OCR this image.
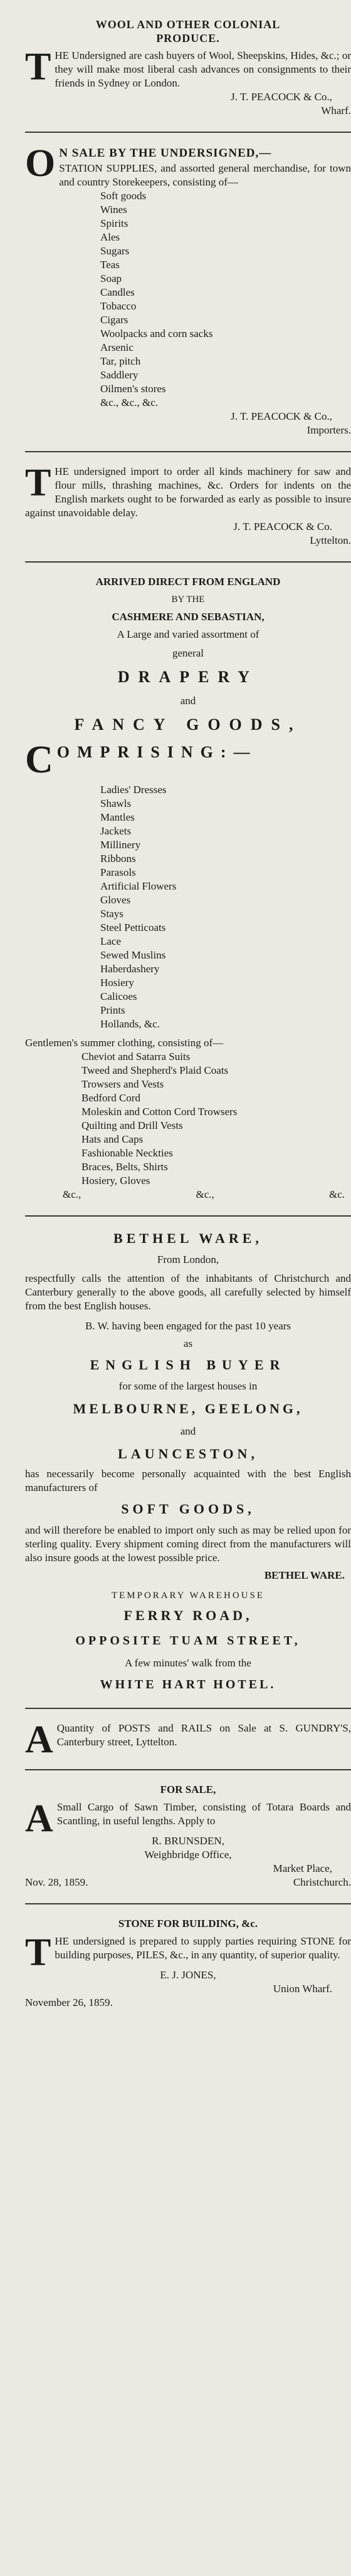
WOOL AND OTHER COLONIAL
PRODUCE.
T HE Undersigned are cash buyers of Wool, Sheepskins, Hides, &c.; or they will make most liberal cash advances on consignments to their friends in Sydney or London.

J. T. PEACOCK & Co.,
Wharf.
O N SALE BY THE UNDERSIGNED,—

STATION SUPPLIES, and assorted general merchandise, for town and country Storekeepers, consisting of—

Soft goods
Wines
Spirits
Ales
Sugars
Teas
Soap
Candles
Tobacco
Cigars
Woolpacks and corn sacks
Arsenic
Tar, pitch
Saddlery
Oilmen's stores
&c., &c., &c.
J. T. PEACOCK & Co.,
Importers.
T HE undersigned import to order all kinds machinery for saw and flour mills, thrashing machines, &c. Orders for indents on the English markets ought to be forwarded as early as possible to insure against unavoidable delay.

J. T. PEACOCK & Co.
Lyttelton.
ARRIVED DIRECT FROM ENGLAND
BY THE
CASHMERE AND SEBASTIAN,
A Large and varied assortment of
general
DRAPERY
and
FANCY GOODS,
C OMPRISING:—
Ladies' Dresses
Shawls
Mantles
Jackets
Millinery
Ribbons
Parasols
Artificial Flowers
Gloves
Stays
Steel Petticoats
Lace
Sewed Muslins
Haberdashery
Hosiery
Calicoes
Prints
Hollands, &c.
Gentlemen's summer clothing, consisting of—
Cheviot and Satarra Suits
Tweed and Shepherd's Plaid Coats
Trowsers and Vests
Bedford Cord
Moleskin and Cotton Cord Trowsers
Quilting and Drill Vests
Hats and Caps
Fashionable Neckties
Braces, Belts, Shirts
Hosiery, Gloves
&c.,	&c.,	&c.
BETHEL WARE,
From London,

respectfully calls the attention of the inhabitants of Christchurch and Canterbury generally to the above goods, all carefully selected by himself from the best English houses.

B. W. having been engaged for the past 10 years
as
ENGLISH BUYER
for some of the largest houses in
MELBOURNE, GEELONG,
and
LAUNCESTON,

has necessarily become personally acquainted with the best English manufacturers of

SOFT GOODS,

and will therefore be enabled to import only such as may be relied upon for sterling quality. Every shipment coming direct from the manufacturers will also insure goods at the lowest possible price.

BETHEL WARE.
TEMPORARY WAREHOUSE
FERRY ROAD,
OPPOSITE TUAM STREET,
A few minutes' walk from the
WHITE HART HOTEL.
A Quantity of POSTS and RAILS on Sale at S. GUNDRY'S, Canterbury street, Lyttelton.

FOR SALE,
A Small Cargo of Sawn Timber, consisting of Totara Boards and Scantling, in useful lengths. Apply to

R. BRUNSDEN,
Weighbridge Office,
Market Place,
Nov. 28, 1859.	Christchurch.
STONE FOR BUILDING, &c.
T HE undersigned is prepared to supply parties requiring STONE for building purposes, PILES, &c., in any quantity, of superior quality.

E. J. JONES,
Union Wharf.
November 26, 1859.
